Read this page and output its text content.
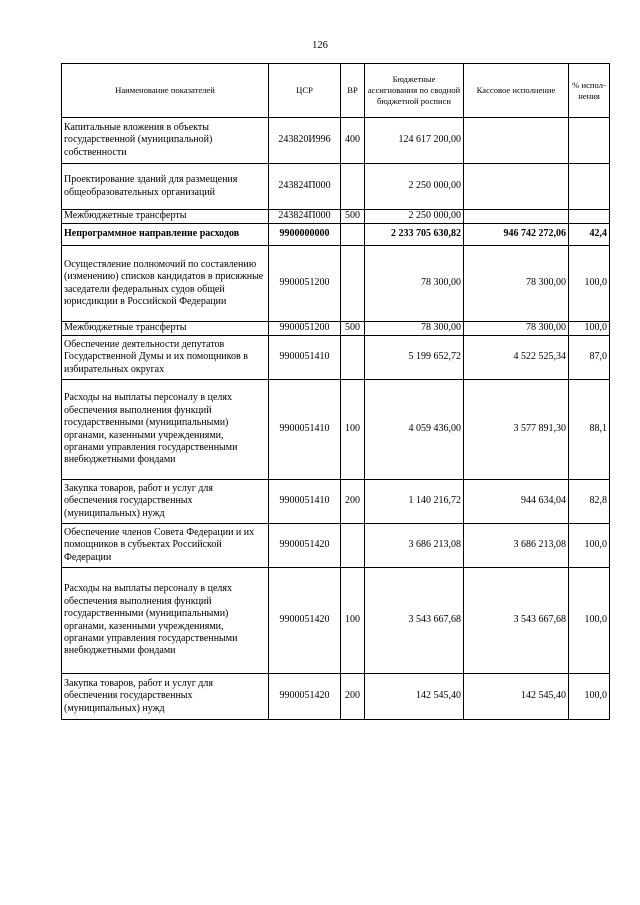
126
Наименование показателей	ЦСР	ВР	Бюджетные ассигнования по сводной бюджетной росписи	Кассовое исполнение	% испол-нения
Капитальные вложения в объекты государственной (муниципальной) собственности	243820И996	400	124 617 200,00		
Проектирование зданий для размещения общеобразовательных организаций	243824П000		2 250 000,00		
Межбюджетные трансферты	243824П000	500	2 250 000,00		
Непрограммное направление расходов	9900000000		2 233 705 630,82	946 742 272,06	42,4
Осуществление полномочий по составлению (изменению) списков кандидатов в присяжные заседатели федеральных судов общей юрисдикции в Российской Федерации	9900051200		78 300,00	78 300,00	100,0
Межбюджетные трансферты	9900051200	500	78 300,00	78 300,00	100,0
Обеспечение деятельности депутатов Государственной Думы и их помощников в избирательных округах	9900051410		5 199 652,72	4 522 525,34	87,0
Расходы на выплаты персоналу в целях обеспечения выполнения функций государственными (муниципальными) органами, казенными учреждениями, органами управления государственными внебюджетными фондами	9900051410	100	4 059 436,00	3 577 891,30	88,1
Закупка товаров, работ и услуг для обеспечения государственных (муниципальных) нужд	9900051410	200	1 140 216,72	944 634,04	82,8
Обеспечение членов Совета Федерации и их помощников в субъектах Российской Федерации	9900051420		3 686 213,08	3 686 213,08	100,0
Расходы на выплаты персоналу в целях обеспечения выполнения функций государственными (муниципальными) органами, казенными учреждениями, органами управления государственными внебюджетными фондами	9900051420	100	3 543 667,68	3 543 667,68	100,0
Закупка товаров, работ и услуг для обеспечения государственных (муниципальных) нужд	9900051420	200	142 545,40	142 545,40	100,0
